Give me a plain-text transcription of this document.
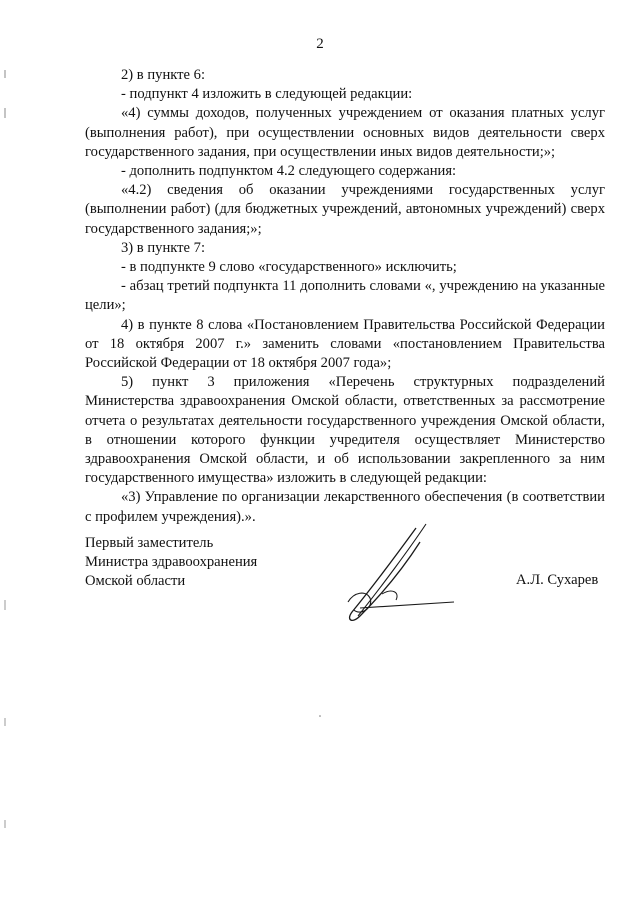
2

2) в пункте 6:

- подпункт 4 изложить в следующей редакции:

«4) суммы доходов, полученных учреждением от оказания платных услуг (выполнения работ), при осуществлении основных видов деятельности сверх государственного задания, при осуществлении иных видов деятельности;»;

- дополнить подпунктом 4.2 следующего содержания:

«4.2) сведения об оказании учреждениями государственных услуг (выполнении работ) (для бюджетных учреждений, автономных учреждений) сверх государственного задания;»;

3) в пункте 7:

- в подпункте 9 слово «государственного» исключить;

- абзац третий подпункта 11 дополнить словами «, учреждению на указанные цели»;

4) в пункте 8 слова «Постановлением Правительства Российской Федерации от 18 октября 2007 г.» заменить словами «постановлением Правительства Российской Федерации от 18 октября 2007 года»;

5) пункт 3 приложения «Перечень структурных подразделений Министерства здравоохранения Омской области, ответственных за рассмотрение отчета о результатах деятельности государственного учреждения Омской области, в отношении которого функции учредителя осуществляет Министерство здравоохранения Омской области, и об использовании закрепленного за ним государственного имущества» изложить в следующей редакции:

«3) Управление по организации лекарственного обеспечения (в соответствии с профилем учреждения).».

Первый заместитель
Министра здравоохранения
Омской области	А.Л. Сухарев
